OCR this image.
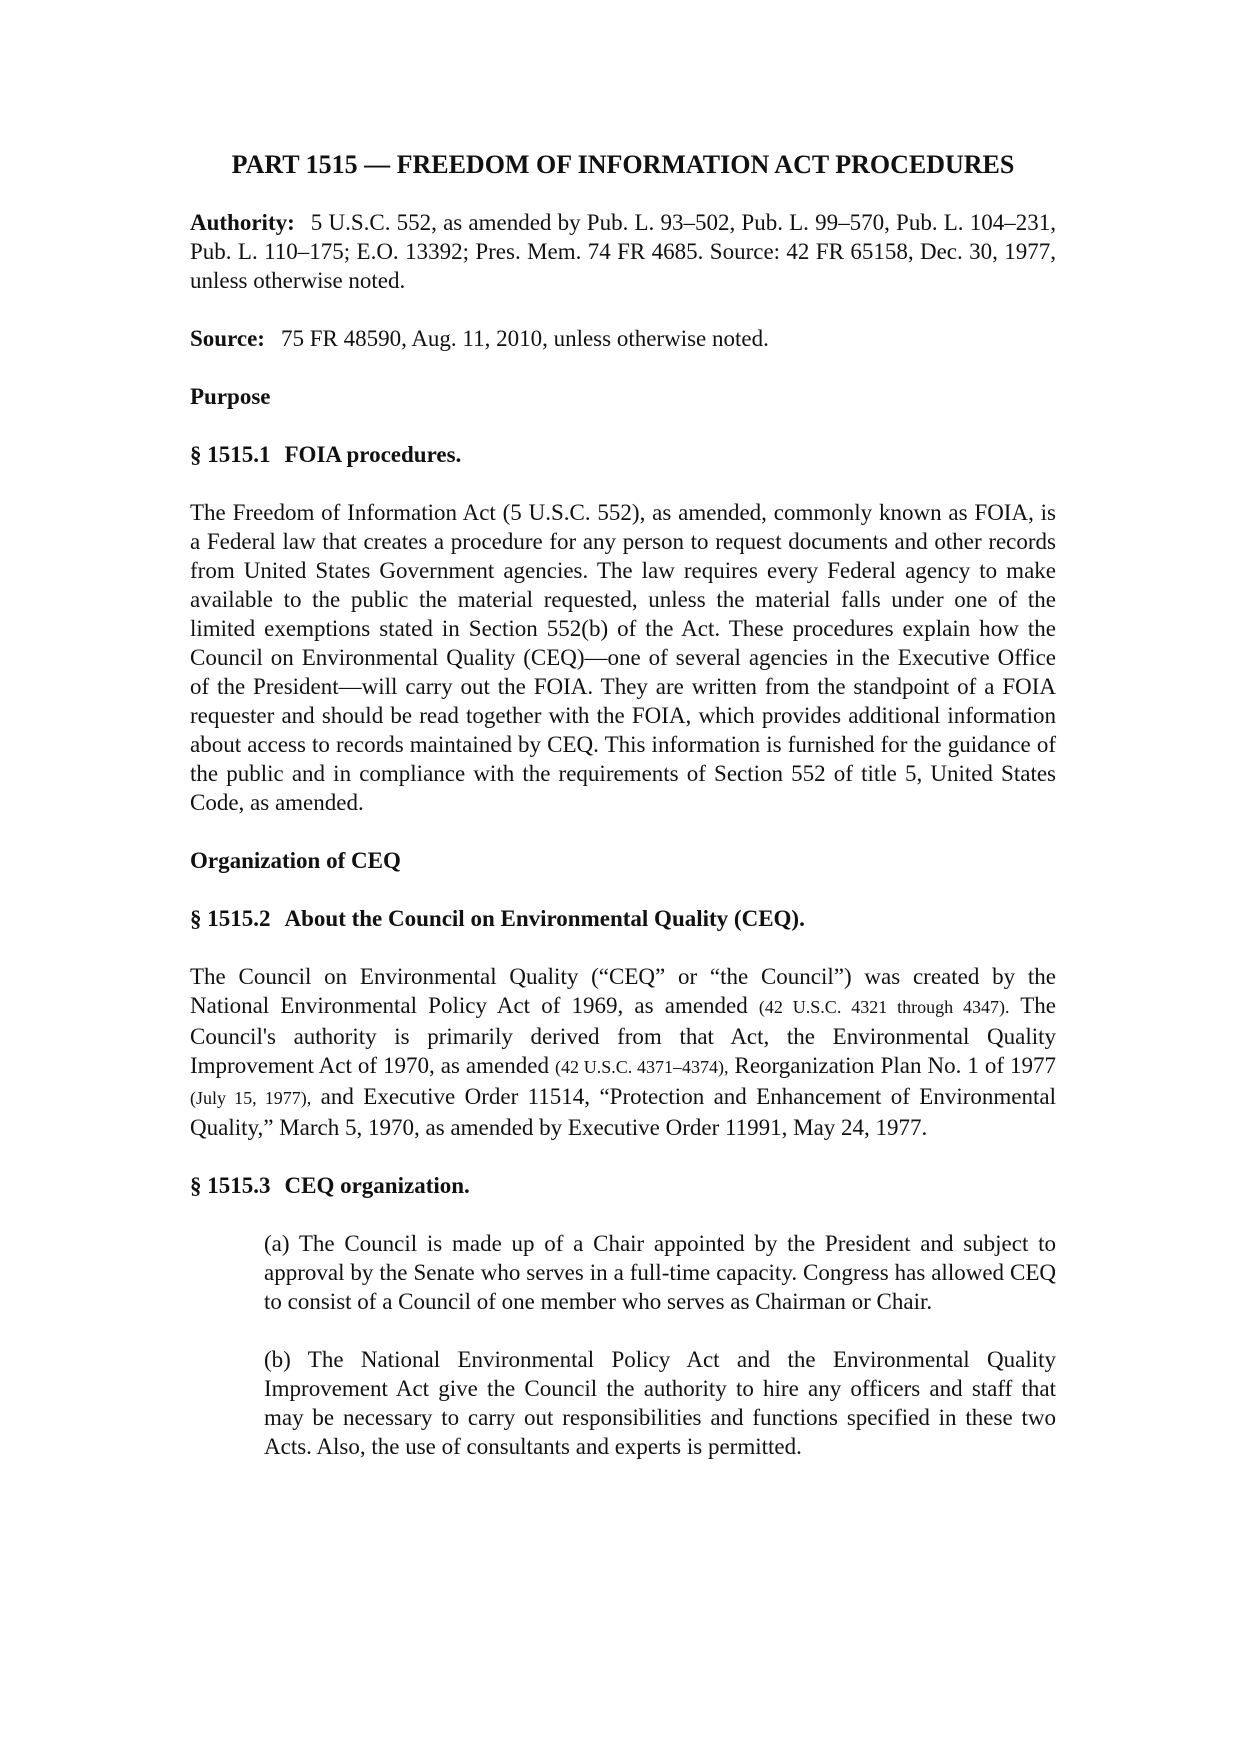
PART 1515 — FREEDOM OF INFORMATION ACT PROCEDURES

Authority: 5 U.S.C. 552, as amended by Pub. L. 93–502, Pub. L. 99–570, Pub. L. 104–231, Pub. L. 110–175; E.O. 13392; Pres. Mem. 74 FR 4685. Source: 42 FR 65158, Dec. 30, 1977, unless otherwise noted.

Source: 75 FR 48590, Aug. 11, 2010, unless otherwise noted.

Purpose

§ 1515.1 FOIA procedures.

The Freedom of Information Act (5 U.S.C. 552), as amended, commonly known as FOIA, is a Federal law that creates a procedure for any person to request documents and other records from United States Government agencies. The law requires every Federal agency to make available to the public the material requested, unless the material falls under one of the limited exemptions stated in Section 552(b) of the Act. These procedures explain how the Council on Environmental Quality (CEQ)—one of several agencies in the Executive Office of the President—will carry out the FOIA. They are written from the standpoint of a FOIA requester and should be read together with the FOIA, which provides additional information about access to records maintained by CEQ. This information is furnished for the guidance of the public and in compliance with the requirements of Section 552 of title 5, United States Code, as amended.

Organization of CEQ

§ 1515.2 About the Council on Environmental Quality (CEQ).

The Council on Environmental Quality (“CEQ” or “the Council”) was created by the National Environmental Policy Act of 1969, as amended (42 U.S.C. 4321 through 4347). The Council's authority is primarily derived from that Act, the Environmental Quality Improvement Act of 1970, as amended (42 U.S.C. 4371–4374), Reorganization Plan No. 1 of 1977 (July 15, 1977), and Executive Order 11514, “Protection and Enhancement of Environmental Quality,” March 5, 1970, as amended by Executive Order 11991, May 24, 1977.

§ 1515.3 CEQ organization.

(a) The Council is made up of a Chair appointed by the President and subject to approval by the Senate who serves in a full-time capacity. Congress has allowed CEQ to consist of a Council of one member who serves as Chairman or Chair.

(b) The National Environmental Policy Act and the Environmental Quality Improvement Act give the Council the authority to hire any officers and staff that may be necessary to carry out responsibilities and functions specified in these two Acts. Also, the use of consultants and experts is permitted.
